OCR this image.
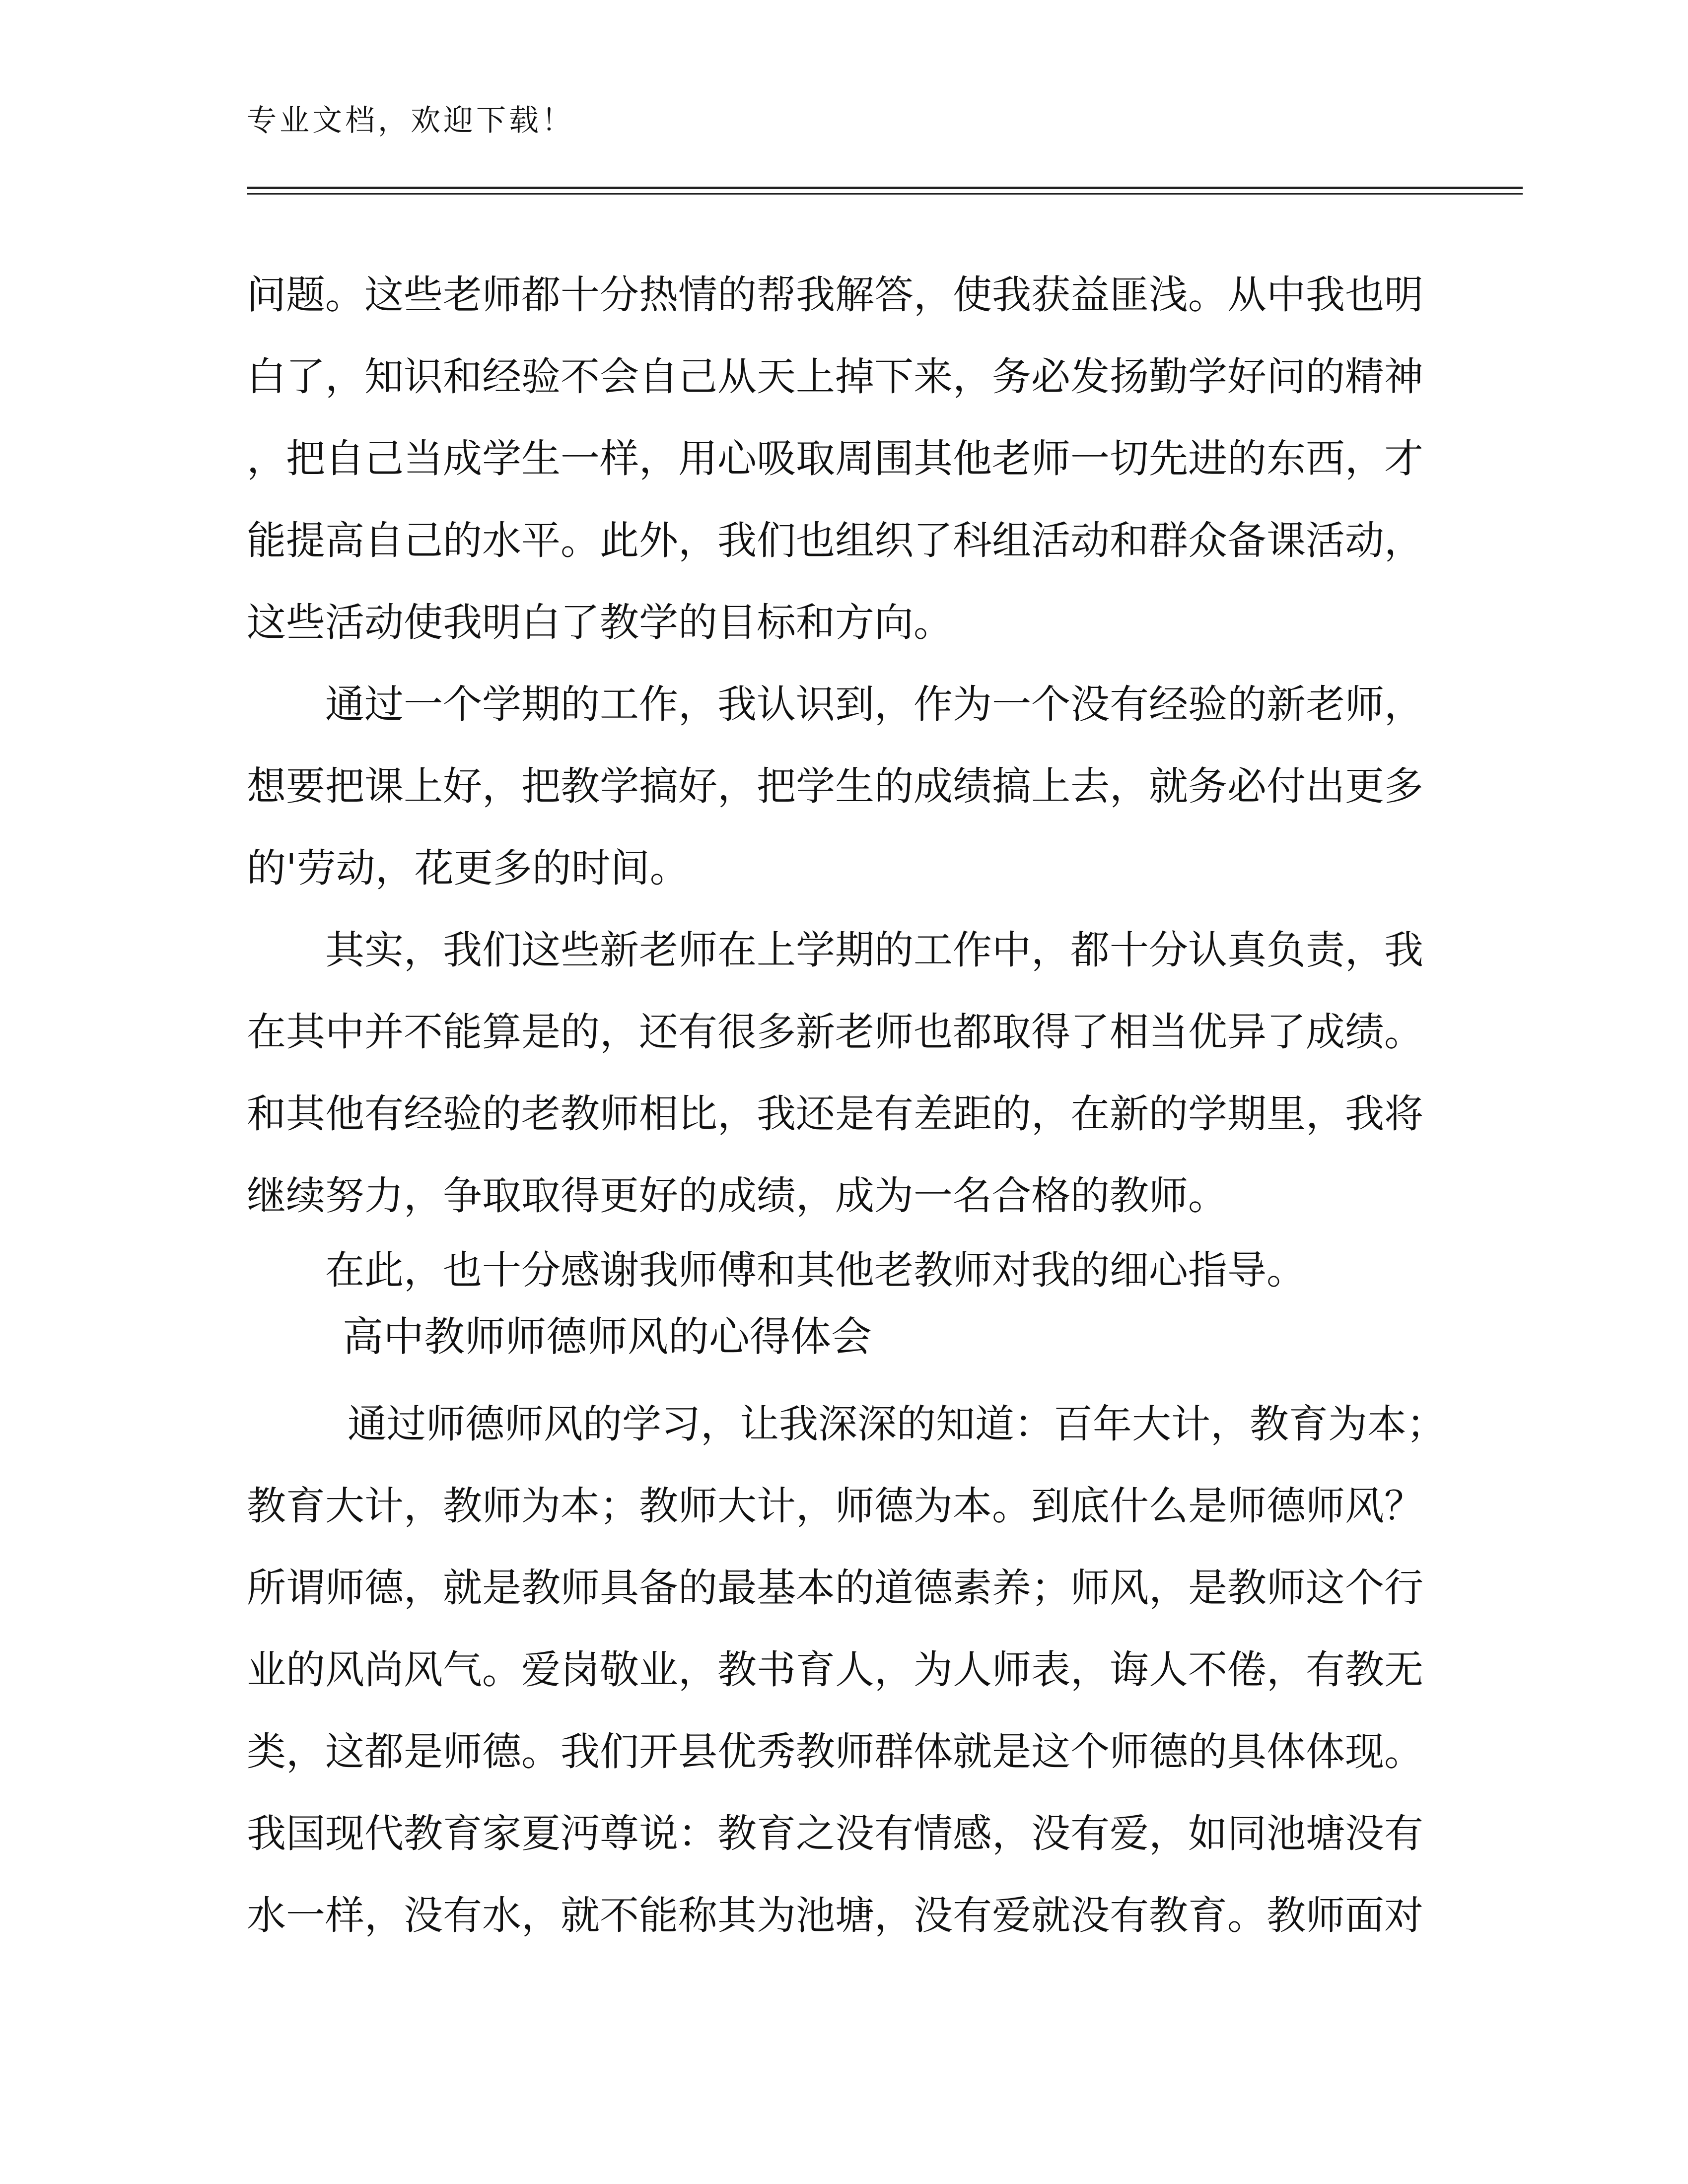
专业文档，欢迎下载！
问题。这些老师都十分热情的帮我解答，使我获益匪浅。从中我也明
白了，知识和经验不会自己从天上掉下来，务必发扬勤学好问的精神
，把自己当成学生一样，用心吸取周围其他老师一切先进的东西，才
能提高自己的水平。此外，我们也组织了科组活动和群众备课活动，
这些活动使我明白了教学的目标和方向。
通过一个学期的工作，我认识到，作为一个没有经验的新老师，
想要把课上好，把教学搞好，把学生的成绩搞上去，就务必付出更多
的'劳动，花更多的时间。
其实，我们这些新老师在上学期的工作中，都十分认真负责，我
在其中并不能算是的，还有很多新老师也都取得了相当优异了成绩。
和其他有经验的老教师相比，我还是有差距的，在新的学期里，我将
继续努力，争取取得更好的成绩，成为一名合格的教师。
在此，也十分感谢我师傅和其他老教师对我的细心指导。
高中教师师德师风的心得体会
通过师德师风的学习，让我深深的知道：百年大计，教育为本；
教育大计，教师为本；教师大计，师德为本。到底什么是师德师风？
所谓师德，就是教师具备的最基本的道德素养；师风，是教师这个行
业的风尚风气。爱岗敬业，教书育人，为人师表，诲人不倦，有教无
类，这都是师德。我们开县优秀教师群体就是这个师德的具体体现。
我国现代教育家夏沔尊说：教育之没有情感，没有爱，如同池塘没有
水一样，没有水，就不能称其为池塘，没有爱就没有教育。教师面对
